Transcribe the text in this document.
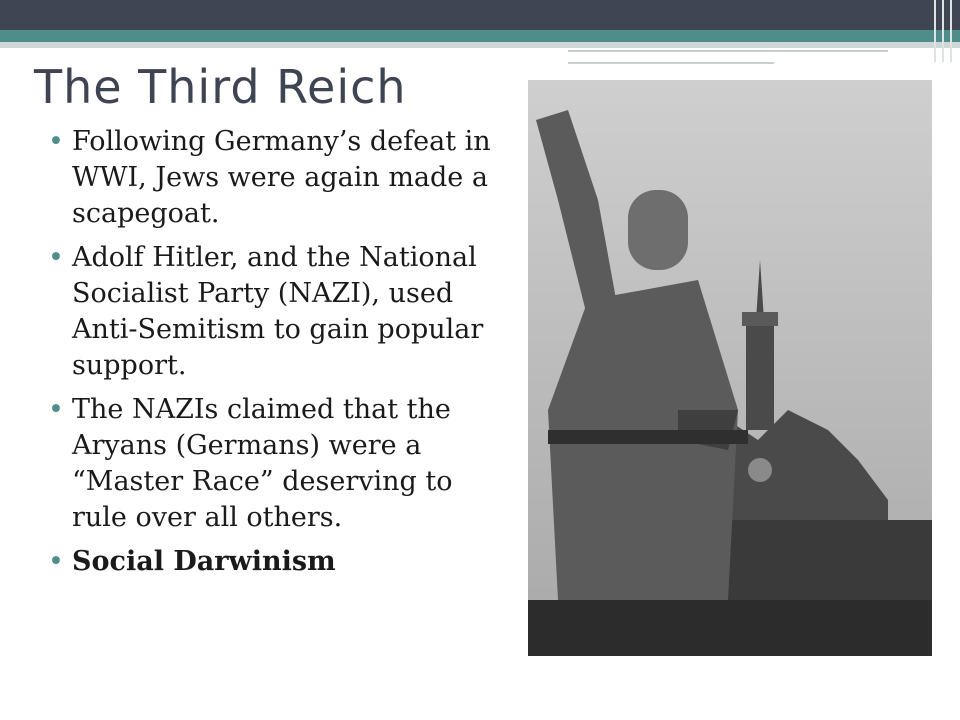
The Third Reich
• Following Germany’s defeat in WWI, Jews were again made a scapegoat.
• Adolf Hitler, and the National Socialist Party (NAZI), used Anti-Semitism to gain popular support.
• The NAZIs claimed that the Aryans (Germans) were a “Master Race” deserving to rule over all others.
• Social Darwinism
